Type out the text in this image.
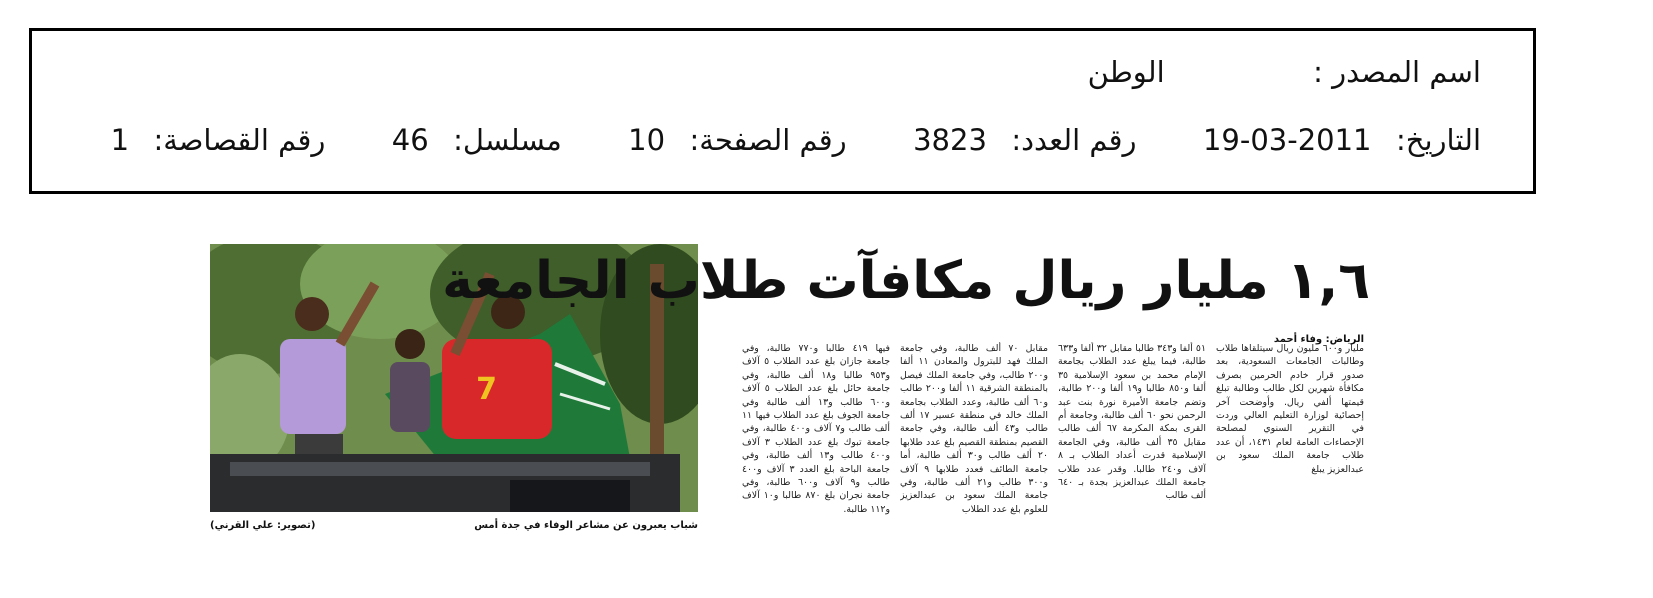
اسم المصدر :  الوطن
التاريخ:  19-03-2011  رقم العدد:  3823  رقم الصفحة:  10  مسلسل:  46  رقم القصاصة:  1
7
شباب يعبرون عن مشاعر الوفاء في جدة أمس
(تصوير: علي القرني)
١,٦ مليار ريال مكافآت طلاب الجامعة
الرياض: وفاء أحمد
مليار و٦٠٠ مليون ريال سيتلقاها طلاب وطالبات الجامعات السعودية، بعد صدور قرار خادم الحرمين بصرف مكافأة شهرين لكل طالب وطالبة تبلغ قيمتها ألفي ريال. وأوضحت آخر إحصائية لوزارة التعليم العالي وردت في التقرير السنوي لمصلحة الإحصاءات العامة لعام ١٤٣١، أن عدد طلاب جامعة الملك سعود بن عبدالعزيز يبلغ
٥١ ألفا و٣٤٣ طالبا مقابل ٣٢ ألفا و٦٣٣ طالبة، فيما يبلغ عدد الطلاب بجامعة الإمام محمد بن سعود الإسلامية ٣٥ ألفا و٨٥٠ طالبا و١٩ ألفا و٢٠٠ طالبة، وتضم جامعة الأميرة نورة بنت عبد الرحمن نحو ٦٠ ألف طالبة، وجامعة أم القرى بمكة المكرمة ٦٧ ألف طالب مقابل ٣٥ ألف طالبة، وفي الجامعة الإسلامية قدرت أعداد الطلاب بـ ٨ آلاف و٢٤٠ طالبا. وقدر عدد طلاب جامعة الملك عبدالعزيز بجدة بـ ٦٤٠ ألف طالب
مقابل ٧٠ ألف طالبة، وفي جامعة الملك فهد للبترول والمعادن ١١ ألفا و٢٠٠ طالب، وفي جامعة الملك فيصل بالمنطقة الشرقية ١١ ألفا و٢٠٠ طالب و٦٠ ألف طالبة، وعدد الطلاب بجامعة الملك خالد في منطقة عسير ١٧ ألف طالب و٤٣ ألف طالبة، وفي جامعة القصيم بمنطقة القصيم بلغ عدد طلابها ٢٠ ألف طالب و٣٠ ألف طالبة، أما جامعة الطائف فعدد طلابها ٩ آلاف و٣٠٠ طالب و٢١ ألف طالبة، وفي جامعة الملك سعود بن عبدالعزيز للعلوم بلغ عدد الطلاب
فيها ٤١٩ طالبا و٧٧٠ طالبة، وفي جامعة جازان بلغ عدد الطلاب ٥ آلاف و٩٥٣ طالبا و١٨ ألف طالبة، وفي جامعة حائل بلغ عدد الطلاب ٥ آلاف و٦٠٠ طالب و١٣ ألف طالبة وفي جامعة الجوف بلغ عدد الطلاب فيها ١١ ألف طالب و٧ آلاف و٤٠٠ طالبة، وفي جامعة تبوك بلغ عدد الطلاب ٣ آلاف و٤٠٠ طالب و١٣ ألف طالبة، وفي جامعة الباحة بلغ العدد ٣ آلاف و٤٠٠ طالب و٩ آلاف و٦٠٠ طالبة، وفي جامعة نجران بلغ ٨٧٠ طالبا و١٠ آلاف و١١٢ طالبة.
